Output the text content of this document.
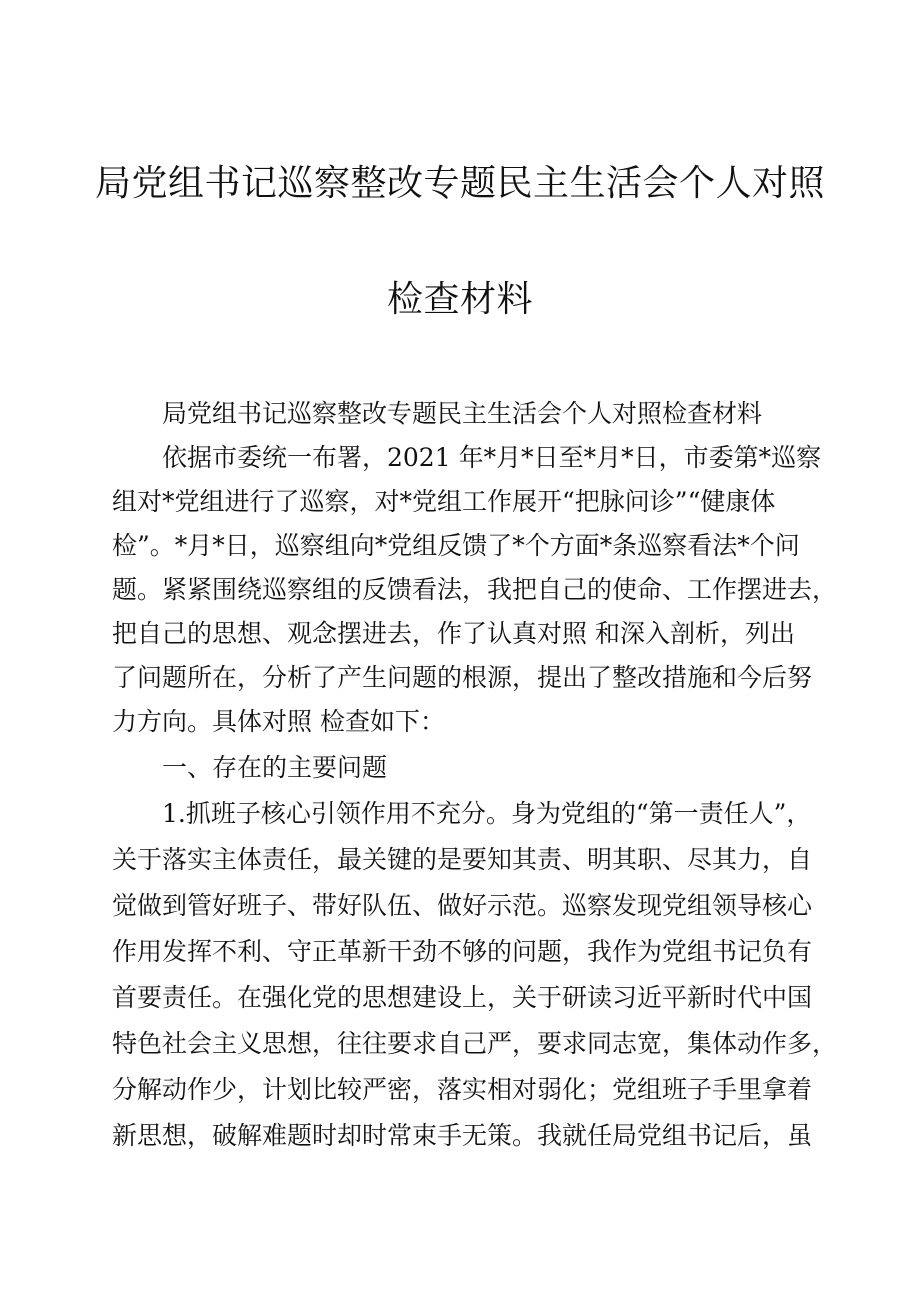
局党组书记巡察整改专题民主生活会个人对照
检查材料

局党组书记巡察整改专题民主生活会个人对照检查材料

依据市委统一布署，2021 年*月*日至*月*日，市委第*巡察

组对*党组进行了巡察，对*党组工作展开“把脉问诊”“健康体

检”。*月*日，巡察组向*党组反馈了*个方面*条巡察看法*个问

题。紧紧围绕巡察组的反馈看法，我把自己的使命、工作摆进去，

把自己的思想、观念摆进去，作了认真对照 和深入剖析，列出

了问题所在，分析了产生问题的根源，提出了整改措施和今后努

力方向。具体对照 检查如下：

一、存在的主要问题

1.抓班子核心引领作用不充分。身为党组的“第一责任人”，

关于落实主体责任，最关键的是要知其责、明其职、尽其力，自

觉做到管好班子、带好队伍、做好示范。巡察发现党组领导核心

作用发挥不利、守正革新干劲不够的问题，我作为党组书记负有

首要责任。在强化党的思想建设上，关于研读习近平新时代中国

特色社会主义思想，往往要求自己严，要求同志宽，集体动作多，

分解动作少，计划比较严密，落实相对弱化；党组班子手里拿着

新思想，破解难题时却时常束手无策。我就任局党组书记后，虽
